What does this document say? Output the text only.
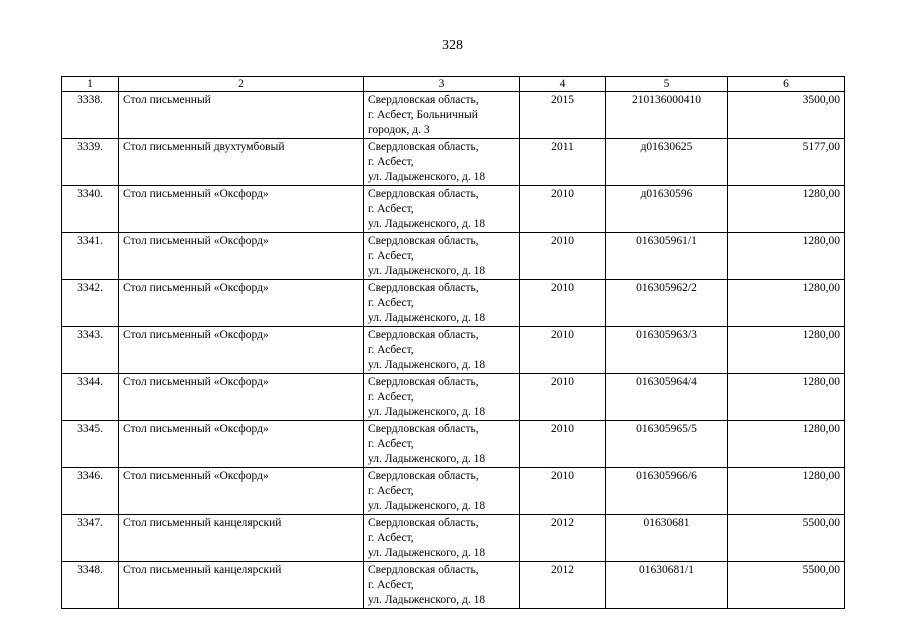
328
1	2	3	4	5	6
3338.	Стол письменный	Свердловская область,
г. Асбест, Больничный
городок, д. 3	2015	210136000410	3500,00
3339.	Стол письменный двухтумбовый	Свердловская область,
г. Асбест,
ул. Ладыженского, д. 18	2011	д01630625	5177,00
3340.	Стол письменный «Оксфорд»	Свердловская область,
г. Асбест,
ул. Ладыженского, д. 18	2010	д01630596	1280,00
3341.	Стол письменный «Оксфорд»	Свердловская область,
г. Асбест,
ул. Ладыженского, д. 18	2010	016305961/1	1280,00
3342.	Стол письменный «Оксфорд»	Свердловская область,
г. Асбест,
ул. Ладыженского, д. 18	2010	016305962/2	1280,00
3343.	Стол письменный «Оксфорд»	Свердловская область,
г. Асбест,
ул. Ладыженского, д. 18	2010	016305963/3	1280,00
3344.	Стол письменный «Оксфорд»	Свердловская область,
г. Асбест,
ул. Ладыженского, д. 18	2010	016305964/4	1280,00
3345.	Стол письменный «Оксфорд»	Свердловская область,
г. Асбест,
ул. Ладыженского, д. 18	2010	016305965/5	1280,00
3346.	Стол письменный «Оксфорд»	Свердловская область,
г. Асбест,
ул. Ладыженского, д. 18	2010	016305966/6	1280,00
3347.	Стол письменный канцелярский	Свердловская область,
г. Асбест,
ул. Ладыженского, д. 18	2012	01630681	5500,00
3348.	Стол письменный канцелярский	Свердловская область,
г. Асбест,
ул. Ладыженского, д. 18	2012	01630681/1	5500,00
